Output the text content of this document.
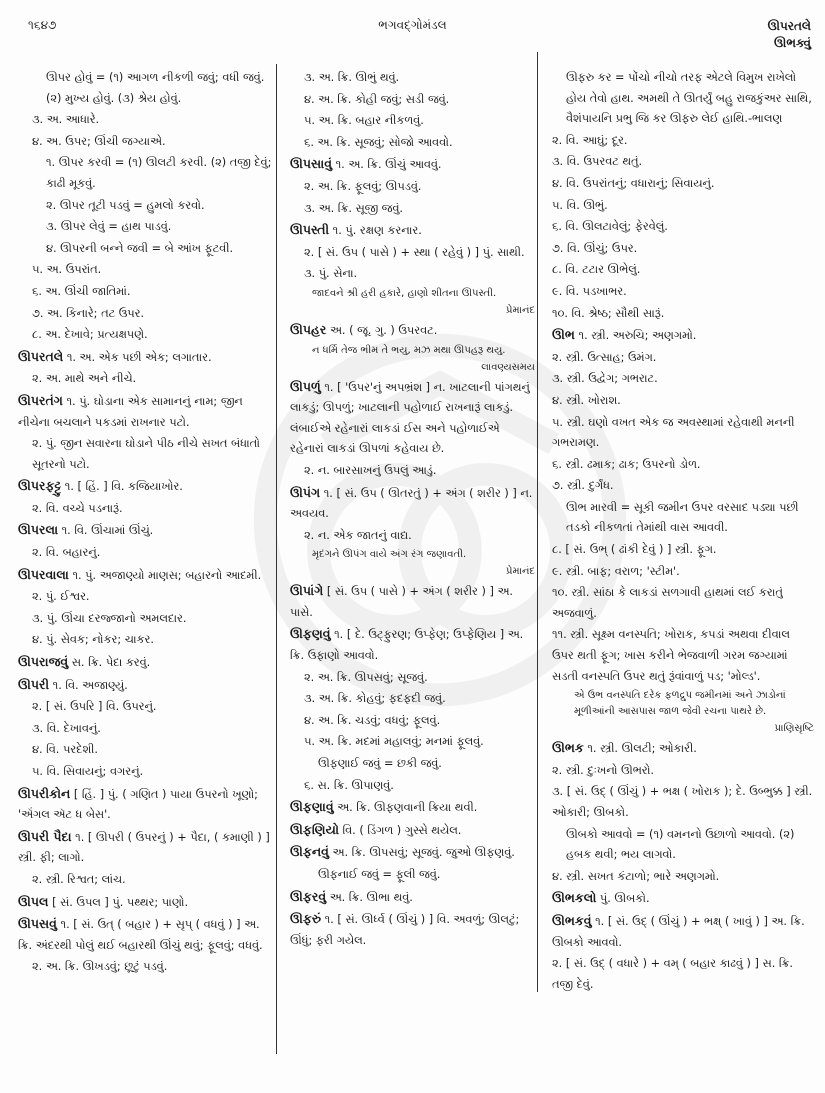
૧૬૪૭	ભગવદ્ગોમંડલ	ઊપરતલે
ઊભક્વું
ઊપર હોવું = (૧) આગળ નીકળી જવું; વધી જવું. (૨) મુખ્ય હોવું. (૩) શ્રેય હોવું.
૩. અ. આધારે.
૪. અ. ઉપર; ઊંચી જગ્યાએ.
૧. ઊપર કરવી = (૧) ઊલટી કરવી. (૨) તજી દેવું; કાઢી મૂકવું.
૨. ઊપર તૂટી પડવું = હુમલો કરવો.
૩. ઊપર લેવું = હાથ પાડવું.
૪. ઊપરની બન્ને જવી = બે આંખ ફૂટવી.
૫. અ. ઉપરાંત.
૬. અ. ઊંચી જાતિમાં.
૭. અ. કિનારે; તટ ઉપર.
૮. અ. દેખાવે; પ્રત્યક્ષપણે.
ઊપરતલે ૧. અ. એક પછી એક; લગાતાર.
૨. અ. માથે અને નીચે.
ઊપરતંગ ૧. પું. ઘોડાના એક સામાનનું નામ; જીન નીચેના બચલાને પકડમાં રાખનાર પટો.
૨. પું. જીન સવારના ઘોડાને પીઠ નીચે સખત બંધાતો સૂતરનો પટો.
ઊપરફટ્ટુ ૧. [ હિં. ] વિ. કજિયાખોર.
૨. વિ. વચ્ચે પડનારૂં.
ઊપરલા ૧. વિ. ઊંચામાં ઊંચું.
૨. વિ. બહારનું.
ઊપરવાલા ૧. પું. અજાણ્યો માણસ; બહારનો આદમી.
૨. પું. ઈશ્વર.
૩. પું. ઊંચા દરજ્જાનો અમલદાર.
૪. પું. સેવક; નોકર; ચાકર.
ઊપરાજવું સ. ક્રિ. પેદા કરવું.
ઊપરી ૧. વિ. અજાણ્યું.
૨. [ સં. ઉપરિ ] વિ. ઉપરનું.
૩. વિ. દેખાવનું.
૪. વિ. પરદેશી.
૫. વિ. સિવાયનું; વગરનું.
ઊપરીકોન [ હિં. ] પું. ( ગણિત ) પાયા ઉપરનો ખૂણો; 'ઍંગલ ઍટ ધ બેસ'.
ઊપરી પૈદા ૧. [ ઊપરી ( ઉપરનું ) + પૈદા, ( કમાણી ) ] સ્ત્રી. ફી; લાગો.
૨. સ્ત્રી. રિશ્વત; લાંચ.
ઊપલ [ સં. ઉપલ ] પું. પથ્થર; પાણો.
ઊપસવું ૧. [ સં. ઉત્ ( બહાર ) + સૃપ્ ( વધવું ) ] અ. ક્રિ. અંદરથી પોલું થઈ બહારથી ઊંચું થવું; ફૂલવું; વધવું.
૨. અ. ક્રિ. ઊખડવું; છૂટું પડવું.
૩. અ. ક્રિ. ઊભું થવું.
૪. અ. ક્રિ. કોહી જવું; સડી જવું.
૫. અ. ક્રિ. બહાર નીકળવું.
૬. અ. ક્રિ. સૂજવું; સોજો આવવો.
ઊપસાવું ૧. અ. ક્રિ. ઊંચું આવવું.
૨. અ. ક્રિ. ફૂલવું; ઊપડવું.
૩. અ. ક્રિ. સૂજી જવું.
ઊપસ્તી ૧. પું. રક્ષણ કરનાર.
૨. [ સં. ઉપ ( પાસે ) + સ્થા ( રહેવું ) ] પું. સાથી.
૩. પું. સેના.
જાદવને શ્રી હરી હકારે, હાણો શીતના ઊપસ્તી.
પ્રેમાનંદ
ઊપહર અ. ( જૂ. ગુ. ) ઉપરવટ.
ન ધર્મિ તેજ ભીમ તે ભયુ, મઝ મથા ઊપહરૂ થયુ.
લાવણ્યસમય
ઊપળું ૧. [ 'ઉપર'નું અપભ્રંશ ] ન. ખાટલાની પાંગથનું લાકડું; ઊપળું; ખાટલાની પહોળાઈ રાખનારૂં લાકડું. લંબાઈએ રહેનારાં લાકડાં ઈસ અને પહોળાઈએ રહેનારાં લાકડાં ઊપળાં કહેવાય છે.
૨. ન. બારસાખનું ઉપલું આડું.
ઊપંગ ૧. [ સં. ઉપ ( ઊતરતું ) + અંગ ( શરીર ) ] ન. અવયવ.
૨. ન. એક જાતનું વાદ્ય.
મૃદંગને ઊપંગ વાયે અંગ રંગ જણાવતી.
પ્રેમાનંદ
ઊપાંગે [ સં. ઉપ ( પાસે ) + અંગ ( શરીર ) ] અ. પાસે.
ઊફણવું ૧. [ દે. ઉટ્ફુરણ; ઉપ્ફેણ; ઉપ્ફેણિય ] અ. ક્રિ. ઉફાણો આવવો.
૨. અ. ક્રિ. ઊપસવું; સૂજવું.
૩. અ. ક્રિ. કોહવું; ફદફદી જવું.
૪. અ. ક્રિ. ચડવું; વધવું; ફૂલવું.
૫. અ. ક્રિ. મદમાં મહાલવું; મનમાં ફૂલવું.
ઊફણાઈ જવું = છકી જવું.
૬. સ. ક્રિ. ઊપાણવું.
ઊફણાવું અ. ક્રિ. ઊફણવાની ક્રિયા થવી.
ઊફણિયો વિ. ( ડિંગળ ) ગુસ્સે થયેલ.
ઊફનવું અ. ક્રિ. ઊપસવું; સૂજવું. જુઓ ઊફણવું.
ઊફનાઈ જવું = ફૂલી જવું.
ઊફરવું અ. ક્રિ. ઊભા થવું.
ઊફરું ૧. [ સં. ઊર્ધ્વ ( ઊંચું ) ] વિ. અવળું; ઊલટું; ઊંધું; ફરી ગયેલ.
ઊફરુ કર = પોંચો નીચો તરફ એટલે વિમુખ રાખેલો હોય તેવો હાથ. અમથી તે ઊતર્યું બહુ રાજકુંઅર સાથિ, વૈશંપાયનિ પ્રભુ જિ કર ઊફરુ લેઈ હાથિ.-ભાલણ
૨. વિ. આઘું; દૂર.
૩. વિ. ઉપરવટ થતું.
૪. વિ. ઉપરાંતનું; વધારાનું; સિવાયનું.
૫. વિ. ઊભું.
૬. વિ. ઊલટાવેલું; ફેરવેલું.
૭. વિ. ઊંચું; ઉપર.
૮. વિ. ટટાર ઊભેલું.
૯. વિ. પડખાભર.
૧૦. વિ. શ્રેષ્ઠ; સૌથી સારૂં.
ઊભ ૧. સ્ત્રી. અરુચિ; અણગમો.
૨. સ્ત્રી. ઉત્સાહ; ઉમંગ.
૩. સ્ત્રી. ઉદ્વેગ; ગભરાટ.
૪. સ્ત્રી. ખોરાશ.
૫. સ્ત્રી. ઘણો વખત એક જ અવસ્થામાં રહેવાથી મનની ગભરામણ.
૬. સ્ત્રી. ઢમાક; ઢાક; ઉપરનો ડોળ.
૭. સ્ત્રી. દુર્ગંધ.
ઊભ મારવી = સૂકી જમીન ઉપર વરસાદ પડ્યા પછી તડકો નીકળતાં તેમાંથી વાસ આવવી.
૮. [ સં. ઉભ્ ( ઢાંકી દેવું ) ] સ્ત્રી. ફૂગ.
૯. સ્ત્રી. બાફ; વરાળ; 'સ્ટીમ'.
૧૦. સ્ત્રી. સાંઠા કે લાકડાં સળગાવી હાથમાં લઈ કરાતું અજવાળું.
૧૧. સ્ત્રી. સૂક્ષ્મ વનસ્પતિ; ખોરાક, કપડાં અથવા દીવાલ ઉપર થતી ફૂગ; ખાસ કરીને ભેજવાળી ગરમ જગ્યામાં સડતી વનસ્પતિ ઉપર થતું રૂંવાંવાળું પડ; 'મોલ્ડ'.
એ ઉભ વનસ્પતિ દરેક ફળદ્રુપ જમીનમાં અને ઝાડોનાં મૂળીઆંની આસપાસ જાળ જેવી રચના પાથરે છે.
પ્રાણિસૃષ્ટિ
ઊભક ૧. સ્ત્રી. ઊલટી; ઓકારી.
૨. સ્ત્રી. દુઃખનો ઊભરો.
૩. [ સં. ઉદ્ ( ઊંચું ) + ભક્ષ ( ખોરાક ); દે. ઉબ્ભુક્ક ] સ્ત્રી. ઓકારી; ઊબકો.
ઊબકો આવવો = (૧) વમનનો ઉછાળો આવવો. (૨) હબક થવી; ભય લાગવો.
૪. સ્ત્રી. સખત કંટાળો; ભારે અણગમો.
ઊભકલો પું. ઊબકો.
ઊભકવું ૧. [ સં. ઉદ્ ( ઊંચું ) + ભક્ષ્ ( ખાવું ) ] અ. ક્રિ. ઊબકો આવવો.
૨. [ સં. ઉદ્ ( વધારે ) + વમ્ ( બહાર કાઢવું ) ] સ. ક્રિ. તજી દેવું.
